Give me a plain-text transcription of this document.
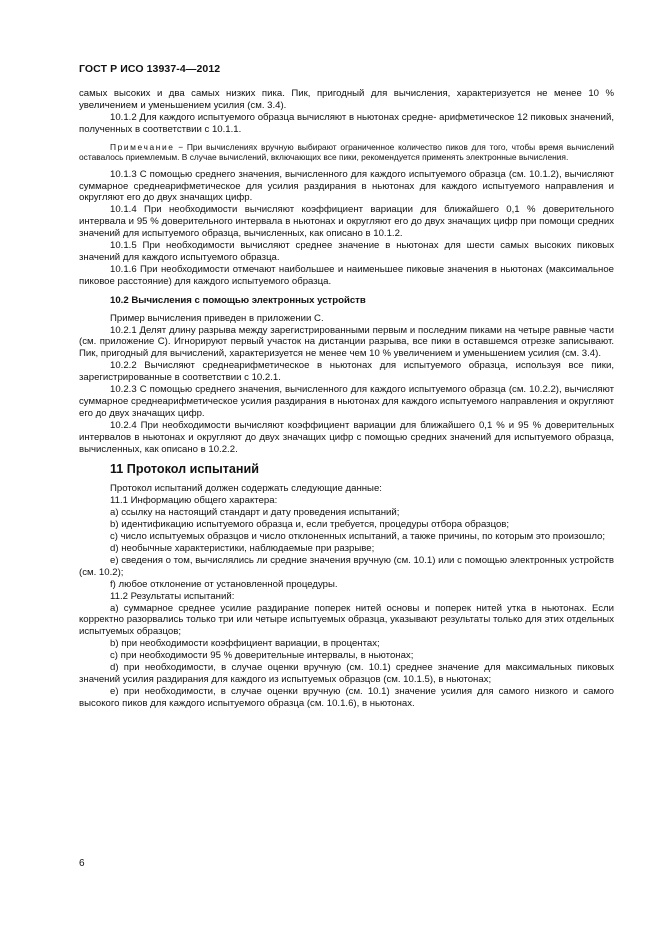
ГОСТ Р ИСО 13937-4—2012

самых высоких и два самых низких пика. Пик, пригодный для вычисления, характеризуется не менее 10 % увеличением и уменьшением усилия (см. 3.4).

10.1.2 Для каждого испытуемого образца вычисляют в ньютонах средне- арифметическое 12 пиковых значений, полученных в соответствии с 10.1.1.

Примечание − При вычислениях вручную выбирают ограниченное количество пиков для того, чтобы время вычислений оставалось приемлемым. В случае вычислений, включающих все пики, рекомендуется применять электронные вычисления.

10.1.3 С помощью среднего значения, вычисленного для каждого испытуемого образца (см. 10.1.2), вычисляют суммарное среднеарифметическое для усилия раздирания в ньютонах для каждого испытуемого направления и округляют его до двух значащих цифр.

10.1.4 При необходимости вычисляют коэффициент вариации для ближайшего 0,1 % доверительного интервала и 95 % доверительного интервала в ньютонах и округляют его до двух значащих цифр при помощи средних значений для испытуемого образца, вычисленных, как описано в 10.1.2.

10.1.5 При необходимости вычисляют среднее значение в ньютонах для шести самых высоких пиковых значений для каждого испытуемого образца.

10.1.6 При необходимости отмечают наибольшее и наименьшее пиковые значения в ньютонах (максимальное пиковое расстояние) для каждого испытуемого образца.

10.2 Вычисления с помощью электронных устройств

Пример вычисления приведен в приложении С.

10.2.1 Делят длину разрыва между зарегистрированными первым и последним пиками на четыре равные части (см. приложение С). Игнорируют первый участок на дистанции разрыва, все пики в оставшемся отрезке записывают. Пик, пригодный для вычислений, характеризуется не менее чем 10 % увеличением и уменьшением усилия (см. 3.4).

10.2.2 Вычисляют среднеарифметическое в ньютонах для испытуемого образца, используя все пики, зарегистрированные в соответствии с 10.2.1.

10.2.3 С помощью среднего значения, вычисленного для каждого испытуемого образца (см. 10.2.2), вычисляют суммарное среднеарифметическое усилия раздирания в ньютонах для каждого испытуемого направления и округляют его до двух значащих цифр.

10.2.4 При необходимости вычисляют коэффициент вариации для ближайшего 0,1 % и 95 % доверительных интервалов в ньютонах и округляют до двух значащих цифр с помощью средних значений для испытуемого образца, вычисленных, как описано в 10.2.2.

11 Протокол испытаний

Протокол испытаний должен содержать следующие данные:

11.1 Информацию общего характера:

a) ссылку на настоящий стандарт и дату проведения испытаний;

b) идентификацию испытуемого образца и, если требуется, процедуры отбора образцов;

c) число испытуемых образцов и число отклоненных испытаний, а также причины, по которым это произошло;

d) необычные характеристики, наблюдаемые при разрыве;

e) сведения о том, вычислялись ли средние значения вручную (см. 10.1) или с помощью электронных устройств (см. 10.2);

f) любое отклонение от установленной процедуры.

11.2 Результаты испытаний:

a) суммарное среднее усилие раздирание поперек нитей основы и поперек нитей утка в ньютонах. Если корректно разорвались только три или четыре испытуемых образца, указывают результаты только для этих отдельных испытуемых образцов;

b) при необходимости коэффициент вариации, в процентах;

c) при необходимости 95 % доверительные интервалы, в ньютонах;

d) при необходимости, в случае оценки вручную (см. 10.1) среднее значение для максимальных пиковых значений усилия раздирания для каждого из испытуемых образцов (см. 10.1.5), в ньютонах;

e) при необходимости, в случае оценки вручную (см. 10.1) значение усилия для самого низкого и самого высокого пиков для каждого испытуемого образца (см. 10.1.6), в ньютонах.

6
